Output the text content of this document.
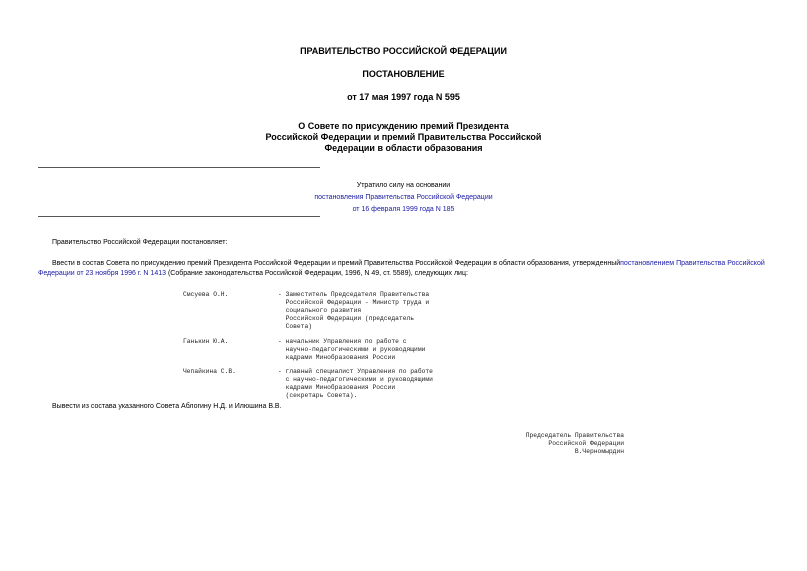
ПРАВИТЕЛЬСТВО РОССИЙСКОЙ ФЕДЕРАЦИИ
ПОСТАНОВЛЕНИЕ
от 17 мая 1997 года N 595
О Совете по присуждению премий Президента
Российской Федерации и премий Правительства Российской
Федерации в области образования
Утратило силу на основании
постановления Правительства Российской Федерации
от 16 февраля 1999 года N 185
Правительство Российской Федерации постановляет:
Ввести в состав Совета по присуждению премий Президента Российской Федерации и премий Правительства Российской Федерации в области образования, утвержденныйпостановлением Правительства Российской Федерации от 23 ноября 1996 г. N 1413 (Собрание законодательства Российской Федерации, 1996, N 49, ст. 5589), следующих лиц:
Смсуева О.Н.	- Заместитель Председателя Правительства
Российской Федерации - Министр труда и
социального развития
Российской Федерации (председатель
Совета)
Ганькин Ю.А.	- начальник Управления по работе с
научно-педагогическими и руководящими
кадрами Минобразования России
Чепайкина С.В.	- главный специалист Управления по работе
с научно-педагогическими и руководящими
кадрами Минобразования России
(секретарь Совета).
Вывести из состава указанного Совета Аблогину Н.Д. и Илюшина В.В.
Председатель Правительства
Российской Федерации
В.Черномырдин
